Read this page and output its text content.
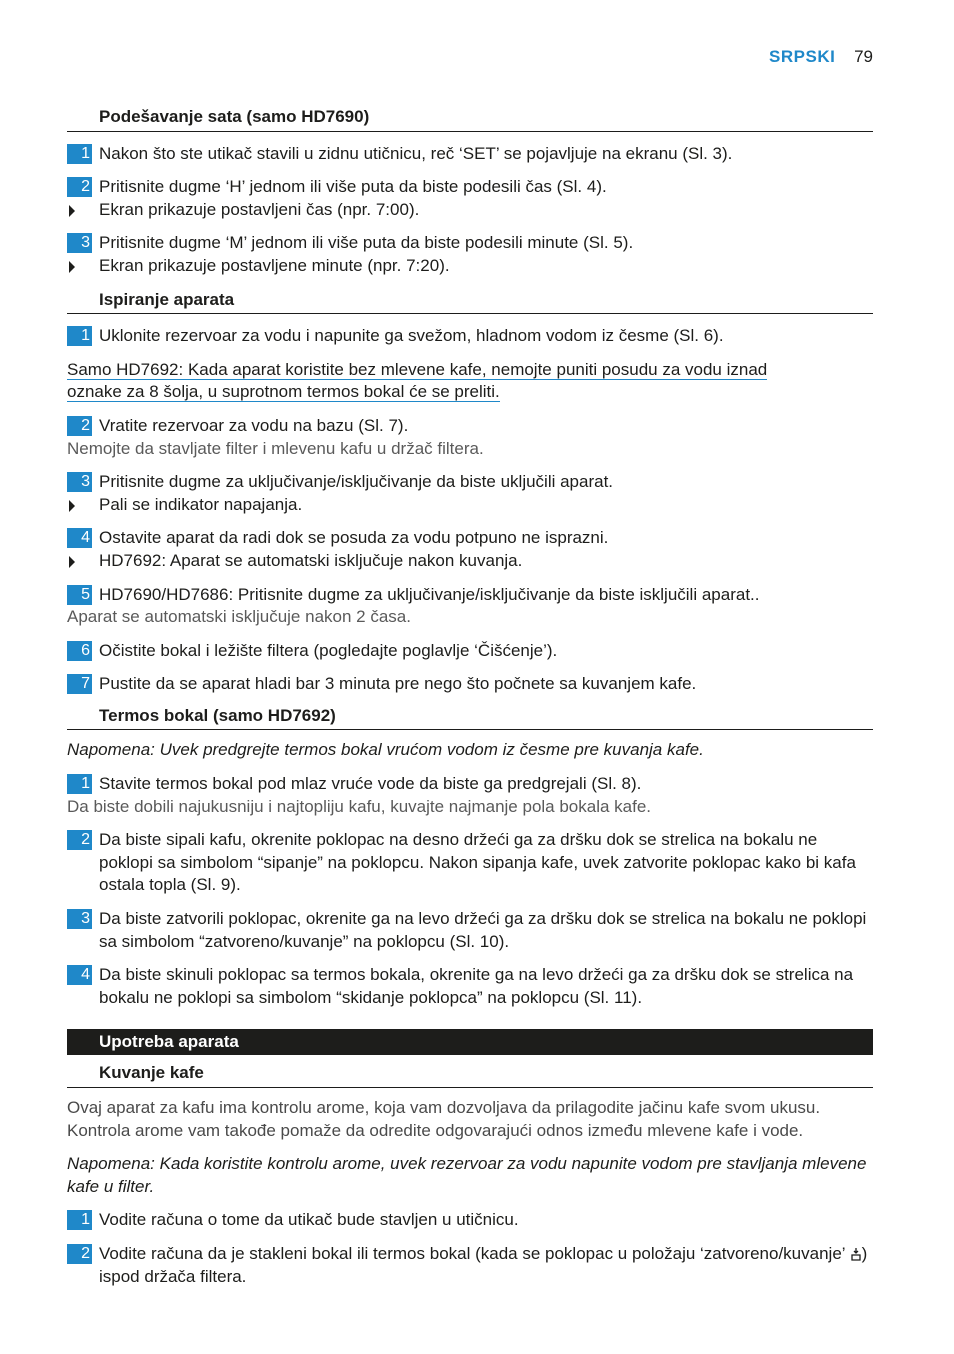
SRPSKI 79
Podešavanje sata (samo HD7690)
1 Nakon što ste utikač stavili u zidnu utičnicu, reč ‘SET’ se pojavljuje na ekranu (Sl. 3).
2 Pritisnite dugme ‘H’ jednom ili više puta da biste podesili čas (Sl. 4).
Ekran prikazuje postavljeni čas (npr. 7:00).
3 Pritisnite dugme ‘M’ jednom ili više puta da biste podesili minute (Sl. 5).
Ekran prikazuje postavljene minute (npr. 7:20).
Ispiranje aparata
1 Uklonite rezervoar za vodu i napunite ga svežom, hladnom vodom iz česme (Sl. 6).
Samo HD7692: Kada aparat koristite bez mlevene kafe, nemojte puniti posudu za vodu iznad
oznake za 8 šolja, u suprotnom termos bokal će se preliti.
2 Vratite rezervoar za vodu na bazu (Sl. 7).
Nemojte da stavljate filter i mlevenu kafu u držač filtera.
3 Pritisnite dugme za uključivanje/isključivanje da biste uključili aparat.
Pali se indikator napajanja.
4 Ostavite aparat da radi dok se posuda za vodu potpuno ne isprazni.
HD7692: Aparat se automatski isključuje nakon kuvanja.
5 HD7690/HD7686: Pritisnite dugme za uključivanje/isključivanje da biste isključili aparat..
Aparat se automatski isključuje nakon 2 časa.
6 Očistite bokal i ležište filtera (pogledajte poglavlje ‘Čišćenje’).
7 Pustite da se aparat hladi bar 3 minuta pre nego što počnete sa kuvanjem kafe.
Termos bokal (samo HD7692)
Napomena: Uvek predgrejte termos bokal vrućom vodom iz česme pre kuvanja kafe.
1 Stavite termos bokal pod mlaz vruće vode da biste ga predgrejali (Sl. 8).
Da biste dobili najukusniju i najtopliju kafu, kuvajte najmanje pola bokala kafe.
2 Da biste sipali kafu, okrenite poklopac na desno držeći ga za dršku dok se strelica na bokalu ne poklopi sa simbolom “sipanje” na poklopcu. Nakon sipanja kafe, uvek zatvorite poklopac kako bi kafa ostala topla (Sl. 9).
3 Da biste zatvorili poklopac, okrenite ga na levo držeći ga za dršku dok se strelica na bokalu ne poklopi sa simbolom “zatvoreno/kuvanje” na poklopcu (Sl. 10).
4 Da biste skinuli poklopac sa termos bokala, okrenite ga na levo držeći ga za dršku dok se strelica na bokalu ne poklopi sa simbolom “skidanje poklopca” na poklopcu (Sl. 11).
Upotreba aparata
Kuvanje kafe
Ovaj aparat za kafu ima kontrolu arome, koja vam dozvoljava da prilagodite jačinu kafe svom ukusu. Kontrola arome vam takođe pomaže da odredite odgovarajući odnos između mlevene kafe i vode.
Napomena: Kada koristite kontrolu arome, uvek rezervoar za vodu napunite vodom pre stavljanja mlevene kafe u filter.
1 Vodite računa o tome da utikač bude stavljen u utičnicu.
2 Vodite računa da je stakleni bokal ili termos bokal (kada se poklopac u položaju ‘zatvoreno/kuvanje’ ) ispod držača filtera.
